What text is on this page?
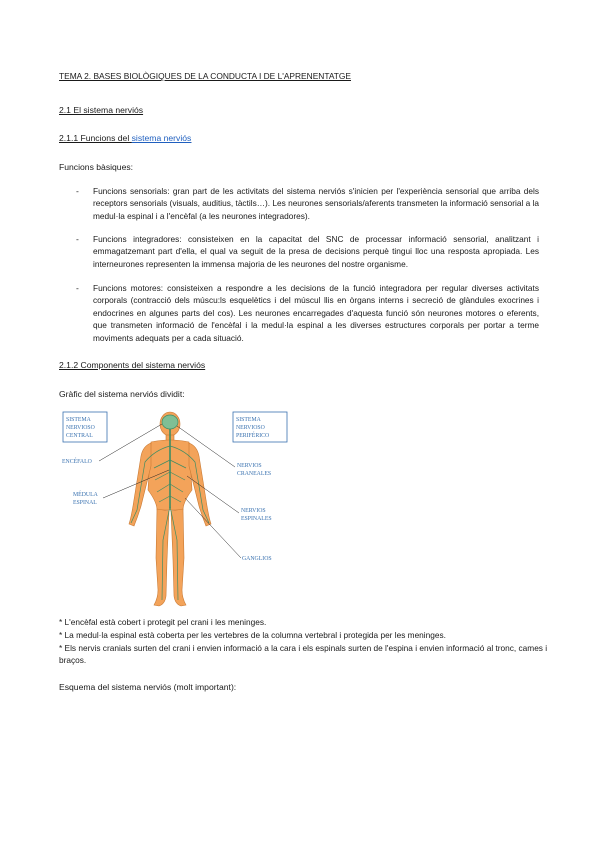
TEMA 2. BASES BIOLÒGIQUES DE LA CONDUCTA I DE L'APRENENTATGE
2.1 El sistema nerviós
2.1.1 Funcions del sistema nerviós
Funcions bàsiques:
- Funcions sensorials: gran part de les activitats del sistema nerviós s'inicien per l'experiència sensorial que arriba dels receptors sensorials (visuals, auditius, tàctils…). Les neurones sensorials/aferents transmeten la informació sensorial a la medul·la espinal i a l'encèfal (a les neurones integradores).
- Funcions integradores: consisteixen en la capacitat del SNC de processar informació sensorial, analitzant i emmagatzemant part d'ella, el qual va seguit de la presa de decisions perquè tingui lloc una resposta apropiada. Les interneurones representen la immensa majoria de les neurones del nostre organisme.
- Funcions motores: consisteixen a respondre a les decisions de la funció integradora per regular diverses activitats corporals (contracció dels múscu:ls esquelètics i del múscul llis en òrgans interns i secreció de glàndules exocrines i endocrines en algunes parts del cos). Les neurones encarregades d'aquesta funció són neurones motores o eferents, que transmeten informació de l'encèfal i la medul·la espinal a les diverses estructures corporals per portar a terme moviments adequats per a cada situació.
2.1.2 Components del sistema nerviós
Gràfic del sistema nerviós dividit:
SISTEMA
NERVIOSO
CENTRAL
SISTEMA
NERVIOSO
PERIFÉRICO
ENCÉFALO
MÉDULA
ESPINAL
NERVIOS
CRANEALES
NERVIOS
ESPINALES
GANGLIOS
* L'encèfal està cobert i protegit pel crani i les meninges.
* La medul·la espinal està coberta per les vertebres de la columna vertebral i protegida per les meninges.
* Els nervis cranials surten del crani i envien informació a la cara i els espinals surten de l'espina i envien informació al tronc, cames i braços.
Esquema del sistema nerviós (molt important):
